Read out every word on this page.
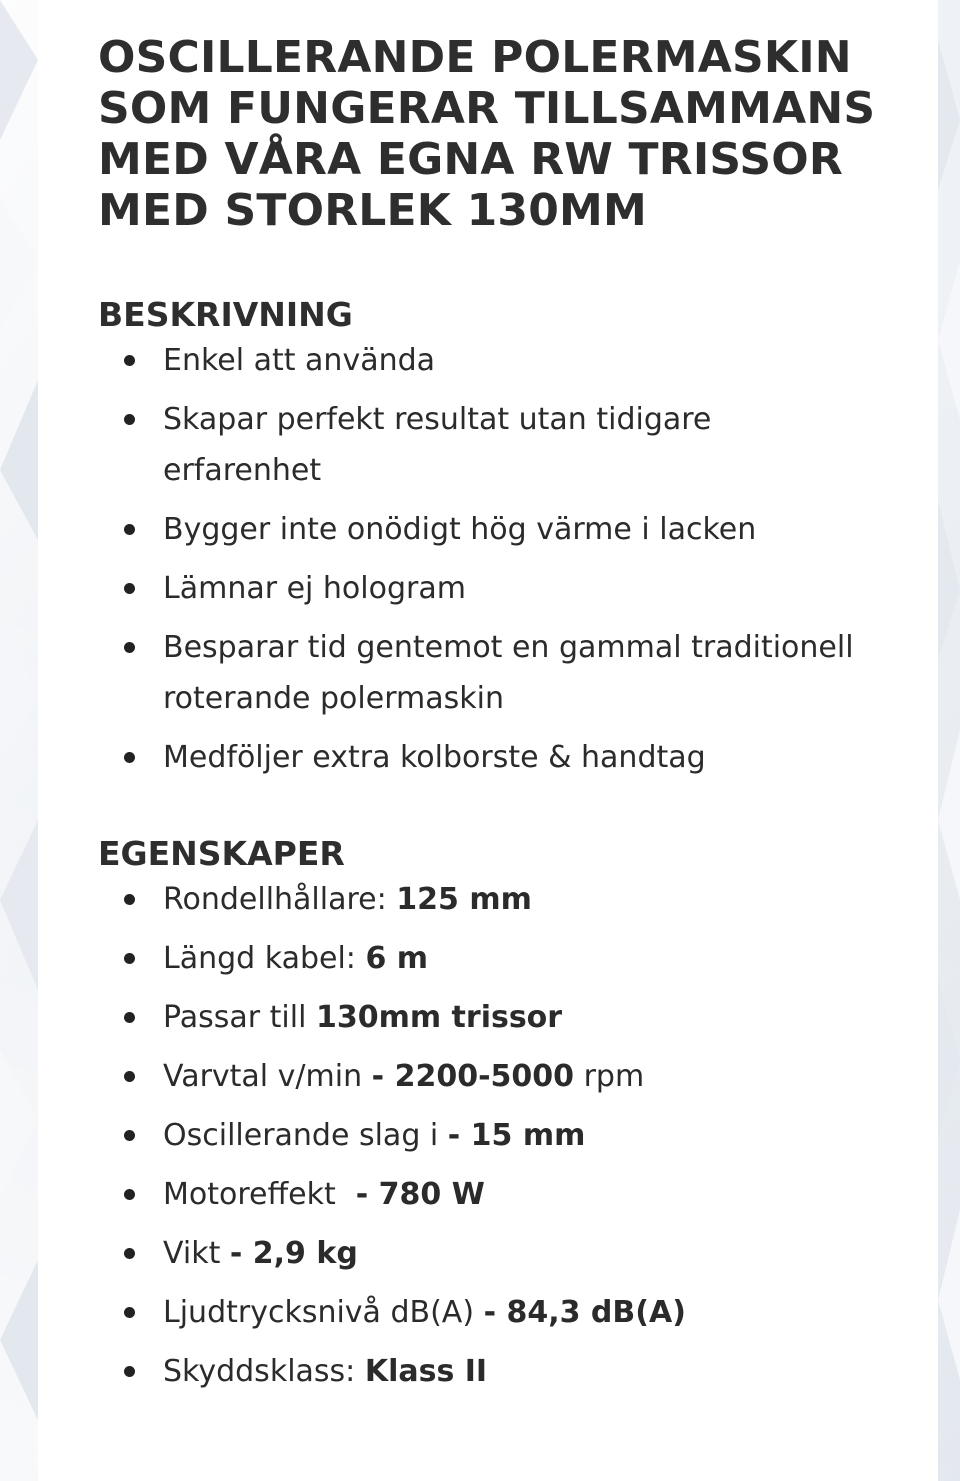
OSCILLERANDE POLERMASKIN SOM FUNGERAR TILLSAMMANS MED VÅRA EGNA RW TRISSOR MED STORLEK 130MM
BESKRIVNING
Enkel att använda
Skapar perfekt resultat utan tidigare erfarenhet
Bygger inte onödigt hög värme i lacken
Lämnar ej hologram
Besparar tid gentemot en gammal traditionell roterande polermaskin
Medföljer extra kolborste & handtag
EGENSKAPER
Rondellhållare: 125 mm
Längd kabel: 6 m
Passar till 130mm trissor
Varvtal v/min - 2200-5000 rpm
Oscillerande slag i - 15 mm
Motoreffekt  - 780 W
Vikt - 2,9 kg
Ljudtrycksnivå dB(A) - 84,3 dB(A)
Skyddsklass: Klass II
